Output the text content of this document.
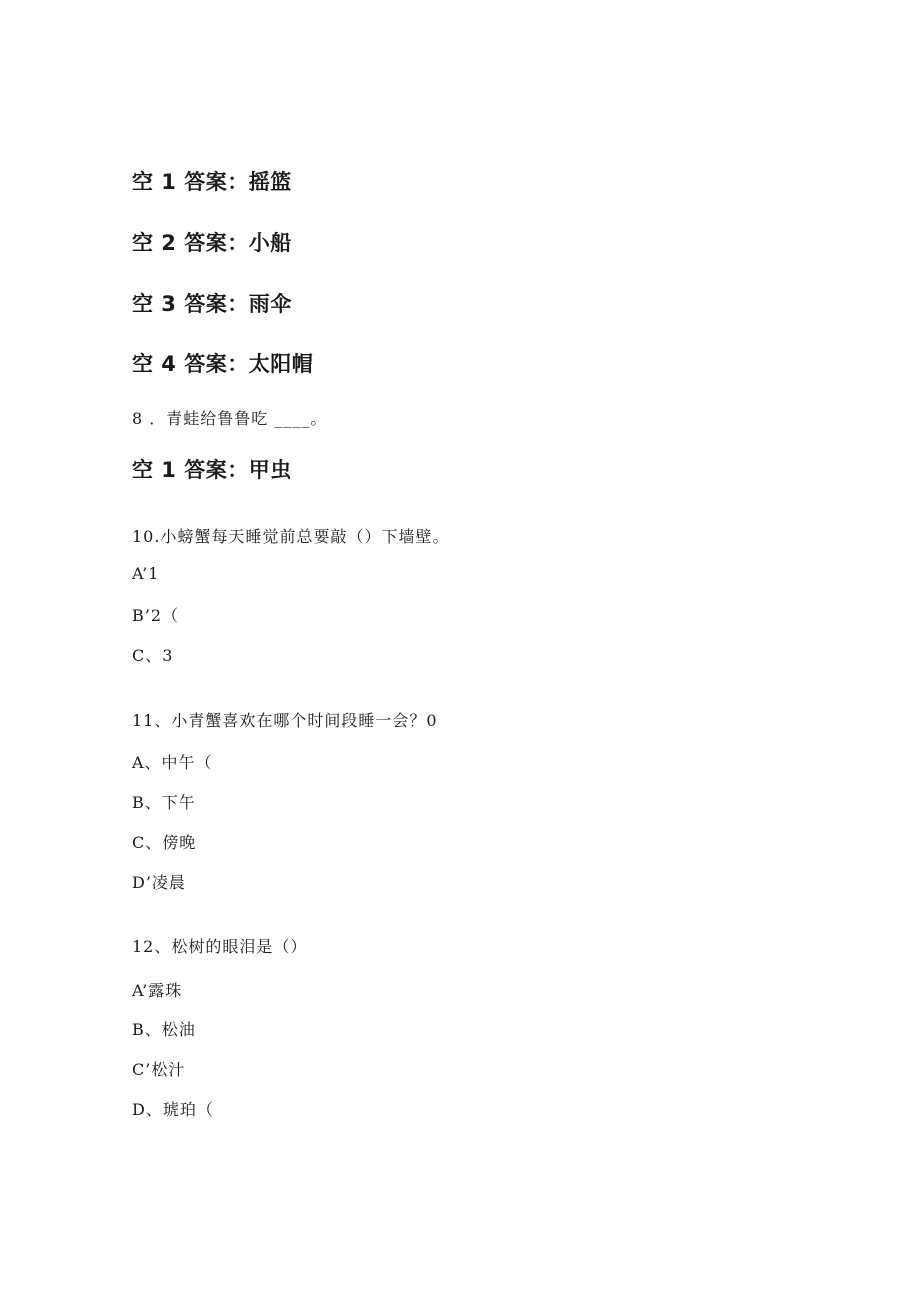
空 1 答案：摇篮
空 2 答案：小船
空 3 答案：雨伞
空 4 答案：太阳帽
8 ．青蛙给鲁鲁吃 ____。
空 1 答案：甲虫
10.小螃蟹每天睡觉前总要敲（）下墙壁。
A’1
B’2（
C、3
11、小青蟹喜欢在哪个时间段睡一会？0
A、中午（
B、下午
C、傍晚
D’凌晨
12、松树的眼泪是（）
A’露珠
B、松油
C’松汁
D、琥珀（
